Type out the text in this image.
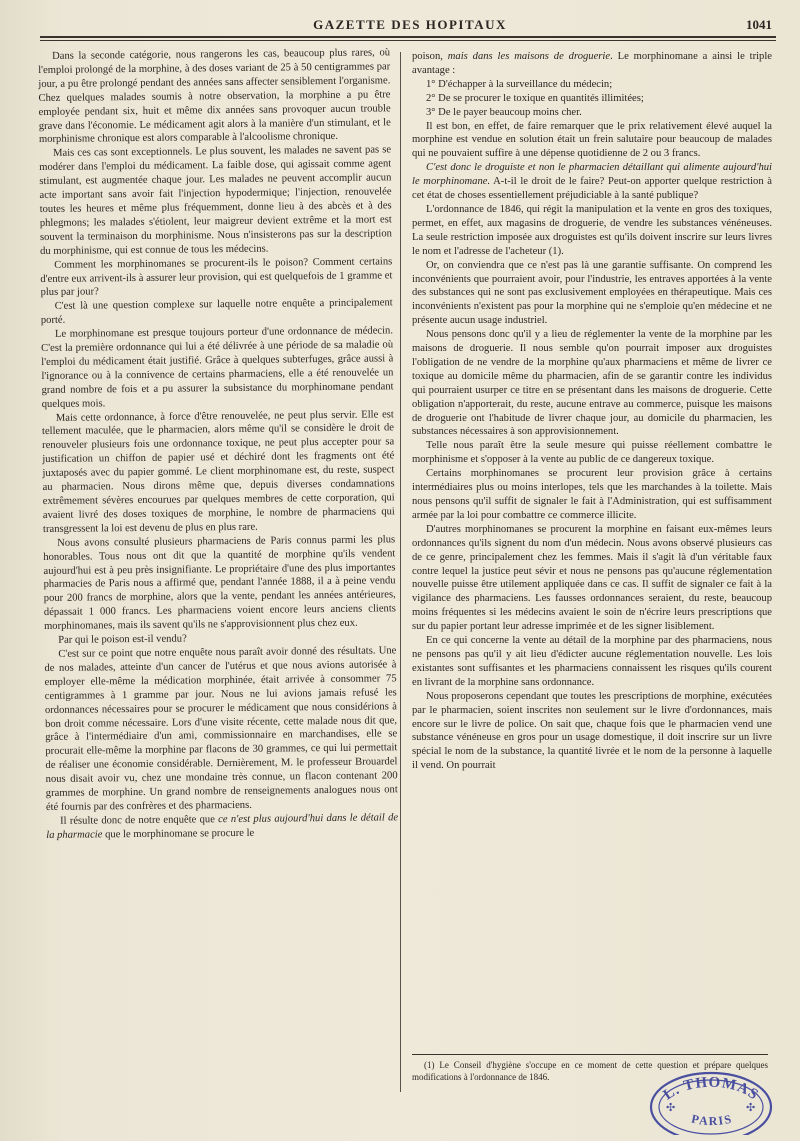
GAZETTE DES HOPITAUX	1041

Dans la seconde catégorie, nous rangerons les cas, beaucoup plus rares, où l'emploi prolongé de la morphine, à des doses variant de 25 à 50 centigrammes par jour, a pu être prolongé pendant des années sans affecter sensiblement l'organisme. Chez quelques malades soumis à notre observation, la morphine a pu être employée pendant six, huit et même dix années sans provoquer aucun trouble grave dans l'économie. Le médicament agit alors à la manière d'un stimulant, et le morphinisme chronique est alors comparable à l'alcoolisme chronique.

Mais ces cas sont exceptionnels. Le plus souvent, les malades ne savent pas se modérer dans l'emploi du médicament. La faible dose, qui agissait comme agent stimulant, est augmentée chaque jour. Les malades ne peuvent accomplir aucun acte important sans avoir fait l'injection hypodermique; l'injection, renouvelée toutes les heures et même plus fréquemment, donne lieu à des abcès et à des phlegmons; les malades s'étiolent, leur maigreur devient extrême et la mort est souvent la terminaison du morphinisme. Nous n'insisterons pas sur la description du morphinisme, qui est connue de tous les médecins.

Comment les morphinomanes se procurent-ils le poison? Comment certains d'entre eux arrivent-ils à assurer leur provision, qui est quelquefois de 1 gramme et plus par jour?

C'est là une question complexe sur laquelle notre enquête a principalement porté.

Le morphinomane est presque toujours porteur d'une ordonnance de médecin. C'est la première ordonnance qui lui a été délivrée à une période de sa maladie où l'emploi du médicament était justifié. Grâce à quelques subterfuges, grâce aussi à l'ignorance ou à la connivence de certains pharmaciens, elle a été renouvelée un grand nombre de fois et a pu assurer la subsistance du morphinomane pendant quelques mois.

Mais cette ordonnance, à force d'être renouvelée, ne peut plus servir. Elle est tellement maculée, que le pharmacien, alors même qu'il se considère le droit de renouveler plusieurs fois une ordonnance toxique, ne peut plus accepter pour sa justification un chiffon de papier usé et déchiré dont les fragments ont été juxtaposés avec du papier gommé. Le client morphinomane est, du reste, suspect au pharmacien. Nous dirons même que, depuis diverses condamnations extrêmement sévères encourues par quelques membres de cette corporation, qui avaient livré des doses toxiques de morphine, le nombre de pharmaciens qui transgressent la loi est devenu de plus en plus rare.

Nous avons consulté plusieurs pharmaciens de Paris connus parmi les plus honorables. Tous nous ont dit que la quantité de morphine qu'ils vendent aujourd'hui est à peu près insignifiante. Le propriétaire d'une des plus importantes pharmacies de Paris nous a affirmé que, pendant l'année 1888, il a à peine vendu pour 200 francs de morphine, alors que la vente, pendant les années antérieures, dépassait 1 000 francs. Les pharmaciens voient encore leurs anciens clients morphinomanes, mais ils savent qu'ils ne s'approvisionnent plus chez eux.

Par qui le poison est-il vendu?

C'est sur ce point que notre enquête nous paraît avoir donné des résultats. Une de nos malades, atteinte d'un cancer de l'utérus et que nous avions autorisée à employer elle-même la médication morphinée, était arrivée à consommer 75 centigrammes à 1 gramme par jour. Nous ne lui avions jamais refusé les ordonnances nécessaires pour se procurer le médicament que nous considérions à bon droit comme nécessaire. Lors d'une visite récente, cette malade nous dit que, grâce à l'intermédiaire d'un ami, commissionnaire en marchandises, elle se procurait elle-même la morphine par flacons de 30 grammes, ce qui lui permettait de réaliser une économie considérable. Dernièrement, M. le professeur Brouardel nous disait avoir vu, chez une mondaine très connue, un flacon contenant 200 grammes de morphine. Un grand nombre de renseignements analogues nous ont été fournis par des confrères et des pharmaciens.

Il résulte donc de notre enquête que ce n'est plus aujourd'hui dans le détail de la pharmacie que le morphinomane se procure le

poison, mais dans les maisons de droguerie. Le morphinomane a ainsi le triple avantage :

1° D'échapper à la surveillance du médecin;

2° De se procurer le toxique en quantités illimitées;

3° De le payer beaucoup moins cher.

Il est bon, en effet, de faire remarquer que le prix relativement élevé auquel la morphine est vendue en solution était un frein salutaire pour beaucoup de malades qui ne pouvaient suffire à une dépense quotidienne de 2 ou 3 francs.

C'est donc le droguiste et non le pharmacien détaillant qui alimente aujourd'hui le morphinomane. A-t-il le droit de le faire? Peut-on apporter quelque restriction à cet état de choses essentiellement préjudiciable à la santé publique?

L'ordonnance de 1846, qui régit la manipulation et la vente en gros des toxiques, permet, en effet, aux magasins de droguerie, de vendre les substances vénéneuses. La seule restriction imposée aux droguistes est qu'ils doivent inscrire sur leurs livres le nom et l'adresse de l'acheteur (1).

Or, on conviendra que ce n'est pas là une garantie suffisante. On comprend les inconvénients que pourraient avoir, pour l'industrie, les entraves apportées à la vente des substances qui ne sont pas exclusivement employées en thérapeutique. Mais ces inconvénients n'existent pas pour la morphine qui ne s'emploie qu'en médecine et ne présente aucun usage industriel.

Nous pensons donc qu'il y a lieu de réglementer la vente de la morphine par les maisons de droguerie. Il nous semble qu'on pourrait imposer aux droguistes l'obligation de ne vendre de la morphine qu'aux pharmaciens et même de livrer ce toxique au domicile même du pharmacien, afin de se garantir contre les individus qui pourraient usurper ce titre en se présentant dans les maisons de droguerie. Cette obligation n'apporterait, du reste, aucune entrave au commerce, puisque les maisons de droguerie ont l'habitude de livrer chaque jour, au domicile du pharmacien, les substances nécessaires à son approvisionnement.

Telle nous paraît être la seule mesure qui puisse réellement combattre le morphinisme et s'opposer à la vente au public de ce dangereux toxique.

Certains morphinomanes se procurent leur provision grâce à certains intermédiaires plus ou moins interlopes, tels que les marchandes à la toilette. Mais nous pensons qu'il suffit de signaler le fait à l'Administration, qui est suffisamment armée par la loi pour combattre ce commerce illicite.

D'autres morphinomanes se procurent la morphine en faisant eux-mêmes leurs ordonnances qu'ils signent du nom d'un médecin. Nous avons observé plusieurs cas de ce genre, principalement chez les femmes. Mais il s'agit là d'un véritable faux contre lequel la justice peut sévir et nous ne pensons pas qu'aucune réglementation nouvelle puisse être utilement appliquée dans ce cas. Il suffit de signaler ce fait à la vigilance des pharmaciens. Les fausses ordonnances seraient, du reste, beaucoup moins fréquentes si les médecins avaient le soin de n'écrire leurs prescriptions que sur du papier portant leur adresse imprimée et de les signer lisiblement.

En ce qui concerne la vente au détail de la morphine par des pharmaciens, nous ne pensons pas qu'il y ait lieu d'édicter aucune réglementation nouvelle. Les lois existantes sont suffisantes et les pharmaciens connaissent les risques qu'ils courent en livrant de la morphine sans ordonnance.

Nous proposerons cependant que toutes les prescriptions de morphine, exécutées par le pharmacien, soient inscrites non seulement sur le livre d'ordonnances, mais encore sur le livre de police. On sait que, chaque fois que le pharmacien vend une substance vénéneuse en gros pour un usage domestique, il doit inscrire sur un livre spécial le nom de la substance, la quantité livrée et le nom de la personne à laquelle il vend. On pourrait

(1) Le Conseil d'hygiène s'occupe en ce moment de cette question et prépare quelques modifications à l'ordonnance de 1846.

L. THOMAS
PARIS
✣	✣
